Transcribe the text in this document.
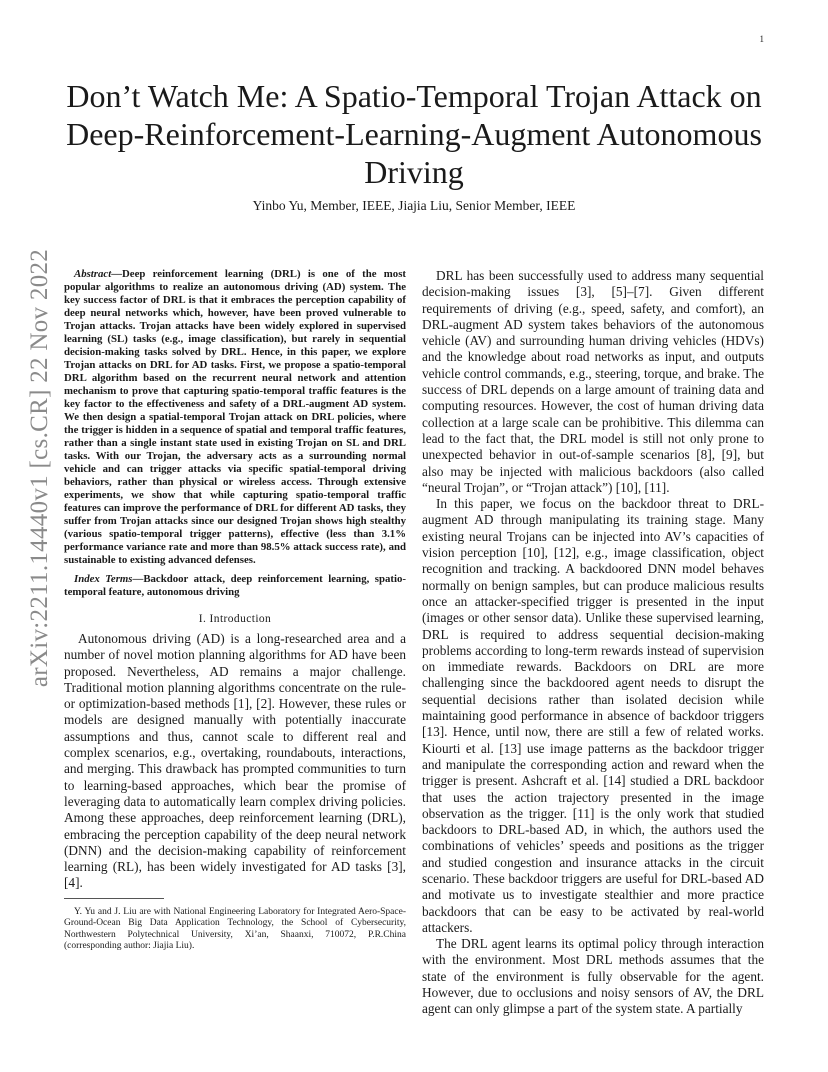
1
arXiv:2211.14440v1 [cs.CR] 22 Nov 2022
Don’t Watch Me: A Spatio-Temporal Trojan Attack on Deep-Reinforcement-Learning-Augment Autonomous Driving
Yinbo Yu, Member, IEEE, Jiajia Liu, Senior Member, IEEE

Abstract—Deep reinforcement learning (DRL) is one of the most popular algorithms to realize an autonomous driving (AD) system. The key success factor of DRL is that it embraces the perception capability of deep neural networks which, however, have been proved vulnerable to Trojan attacks. Trojan attacks have been widely explored in supervised learning (SL) tasks (e.g., image classification), but rarely in sequential decision-making tasks solved by DRL. Hence, in this paper, we explore Trojan attacks on DRL for AD tasks. First, we propose a spatio-temporal DRL algorithm based on the recurrent neural network and attention mechanism to prove that capturing spatio-temporal traffic features is the key factor to the effectiveness and safety of a DRL-augment AD system. We then design a spatial-temporal Trojan attack on DRL policies, where the trigger is hidden in a sequence of spatial and temporal traffic features, rather than a single instant state used in existing Trojan on SL and DRL tasks. With our Trojan, the adversary acts as a surrounding normal vehicle and can trigger attacks via specific spatial-temporal driving behaviors, rather than physical or wireless access. Through extensive experiments, we show that while capturing spatio-temporal traffic features can improve the performance of DRL for different AD tasks, they suffer from Trojan attacks since our designed Trojan shows high stealthy (various spatio-temporal trigger patterns), effective (less than 3.1% performance variance rate and more than 98.5% attack success rate), and sustainable to existing advanced defenses.

Index Terms—Backdoor attack, deep reinforcement learning, spatio-temporal feature, autonomous driving

I. Introduction

Autonomous driving (AD) is a long-researched area and a number of novel motion planning algorithms for AD have been proposed. Nevertheless, AD remains a major challenge. Traditional motion planning algorithms concentrate on the rule- or optimization-based methods [1], [2]. However, these rules or models are designed manually with potentially inaccurate assumptions and thus, cannot scale to different real and complex scenarios, e.g., overtaking, roundabouts, interactions, and merging. This drawback has prompted communities to turn to learning-based approaches, which bear the promise of leveraging data to automatically learn complex driving policies. Among these approaches, deep reinforcement learning (DRL), embracing the perception capability of the deep neural network (DNN) and the decision-making capability of reinforcement learning (RL), has been widely investigated for AD tasks [3], [4].

Y. Yu and J. Liu are with National Engineering Laboratory for Integrated Aero-Space-Ground-Ocean Big Data Application Technology, the School of Cybersecurity, Northwestern Polytechnical University, Xi’an, Shaanxi, 710072, P.R.China (corresponding author: Jiajia Liu).

DRL has been successfully used to address many sequential decision-making issues [3], [5]–[7]. Given different requirements of driving (e.g., speed, safety, and comfort), an DRL-augment AD system takes behaviors of the autonomous vehicle (AV) and surrounding human driving vehicles (HDVs) and the knowledge about road networks as input, and outputs vehicle control commands, e.g., steering, torque, and brake. The success of DRL depends on a large amount of training data and computing resources. However, the cost of human driving data collection at a large scale can be prohibitive. This dilemma can lead to the fact that, the DRL model is still not only prone to unexpected behavior in out-of-sample scenarios [8], [9], but also may be injected with malicious backdoors (also called “neural Trojan”, or “Trojan attack”) [10], [11].

In this paper, we focus on the backdoor threat to DRL-augment AD through manipulating its training stage. Many existing neural Trojans can be injected into AV’s capacities of vision perception [10], [12], e.g., image classification, object recognition and tracking. A backdoored DNN model behaves normally on benign samples, but can produce malicious results once an attacker-specified trigger is presented in the input (images or other sensor data). Unlike these supervised learning, DRL is required to address sequential decision-making problems according to long-term rewards instead of supervision on immediate rewards. Backdoors on DRL are more challenging since the backdoored agent needs to disrupt the sequential decisions rather than isolated decision while maintaining good performance in absence of backdoor triggers [13]. Hence, until now, there are still a few of related works. Kiourti et al. [13] use image patterns as the backdoor trigger and manipulate the corresponding action and reward when the trigger is present. Ashcraft et al. [14] studied a DRL backdoor that uses the action trajectory presented in the image observation as the trigger. [11] is the only work that studied backdoors to DRL-based AD, in which, the authors used the combinations of vehicles’ speeds and positions as the trigger and studied congestion and insurance attacks in the circuit scenario. These backdoor triggers are useful for DRL-based AD and motivate us to investigate stealthier and more practice backdoors that can be easy to be activated by real-world attackers.

The DRL agent learns its optimal policy through interaction with the environment. Most DRL methods assumes that the state of the environment is fully observable for the agent. However, due to occlusions and noisy sensors of AV, the DRL agent can only glimpse a part of the system state. A partially
